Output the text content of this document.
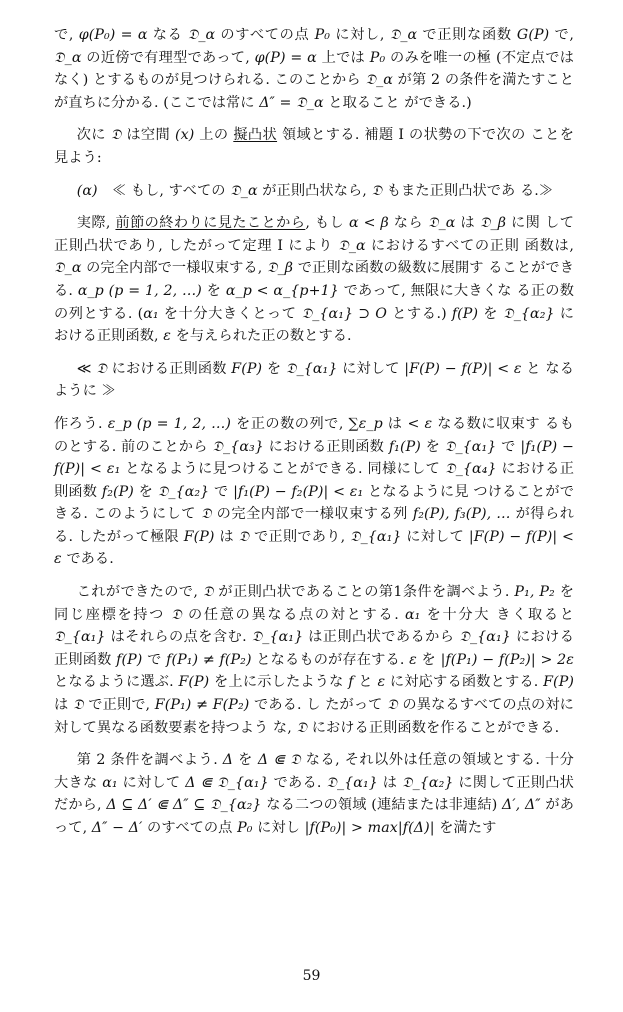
で, φ(P₀) = α なる 𝔇_α のすべての点 P₀ に対し, 𝔇_α で正則な函数 G(P) で, 𝔇_α の近傍で有理型であって, φ(P) = α 上では P₀ のみを唯一の極 (不定点ではなく) とするものが見つけられる. このことから 𝔇_α が第 2 の条件を満たすことが直ちに分かる. (ここでは常に Δ″ = 𝔇_α と取ること ができる.)

次に 𝔇 は空間 (x) 上の 擬凸状 領域とする. 補題 I の状勢の下で次の ことを見よう:

(α)　≪ もし, すべての 𝔇_α が正則凸状なら, 𝔇 もまた正則凸状であ る.≫

実際, 前節の終わりに見たことから, もし α < β なら 𝔇_α は 𝔇_β に関 して正則凸状であり, したがって定理 I により 𝔇_α におけるすべての正則 函数は, 𝔇_α の完全内部で一様収束する, 𝔇_β で正則な函数の級数に展開す ることができる. α_p (p = 1, 2, …) を α_p < α_{p+1} であって, 無限に大きくな る正の数の列とする. (α₁ を十分大きくとって 𝔇_{α₁} ⊃ O とする.) f(P) を 𝔇_{α₂} における正則函数, ε を与えられた正の数とする.

≪ 𝔇 における正則函数 F(P) を 𝔇_{α₁} に対して |F(P) − f(P)| < ε と なるように ≫

作ろう. ε_p (p = 1, 2, …) を正の数の列で, ∑ε_p は < ε なる数に収束す るものとする. 前のことから 𝔇_{α₃} における正則函数 f₁(P) を 𝔇_{α₁} で |f₁(P) − f(P)| < ε₁ となるように見つけることができる. 同様にして 𝔇_{α₄} における正則函数 f₂(P) を 𝔇_{α₂} で |f₁(P) − f₂(P)| < ε₁ となるように見 つけることができる. このようにして 𝔇 の完全内部で一様収束する列 f₂(P), f₃(P), … が得られる. したがって極限 F(P) は 𝔇 で正則であり, 𝔇_{α₁} に対して |F(P) − f(P)| < ε である.

これができたので, 𝔇 が正則凸状であることの第1条件を調べよう. P₁, P₂ を同じ座標を持つ 𝔇 の任意の異なる点の対とする. α₁ を十分大 きく取ると 𝔇_{α₁} はそれらの点を含む. 𝔇_{α₁} は正則凸状であるから 𝔇_{α₁} における正則函数 f(P) で f(P₁) ≠ f(P₂) となるものが存在する. ε を |f(P₁) − f(P₂)| > 2ε となるように選ぶ. F(P) を上に示したような f と ε に対応する函数とする. F(P) は 𝔇 で正則で, F(P₁) ≠ F(P₂) である. し たがって 𝔇 の異なるすべての点の対に対して異なる函数要素を持つよう な, 𝔇 における正則函数を作ることができる.

第 2 条件を調べよう. Δ を Δ ⋐ 𝔇 なる, それ以外は任意の領域とする. 十分大きな α₁ に対して Δ ⋐ 𝔇_{α₁} である. 𝔇_{α₁} は 𝔇_{α₂} に関して正則凸状 だから, Δ ⊆ Δ′ ⋐ Δ″ ⊆ 𝔇_{α₂} なる二つの領域 (連結または非連結) Δ′, Δ″ があって, Δ″ − Δ′ のすべての点 P₀ に対し |f(P₀)| > max|f(Δ)| を満たす

59
